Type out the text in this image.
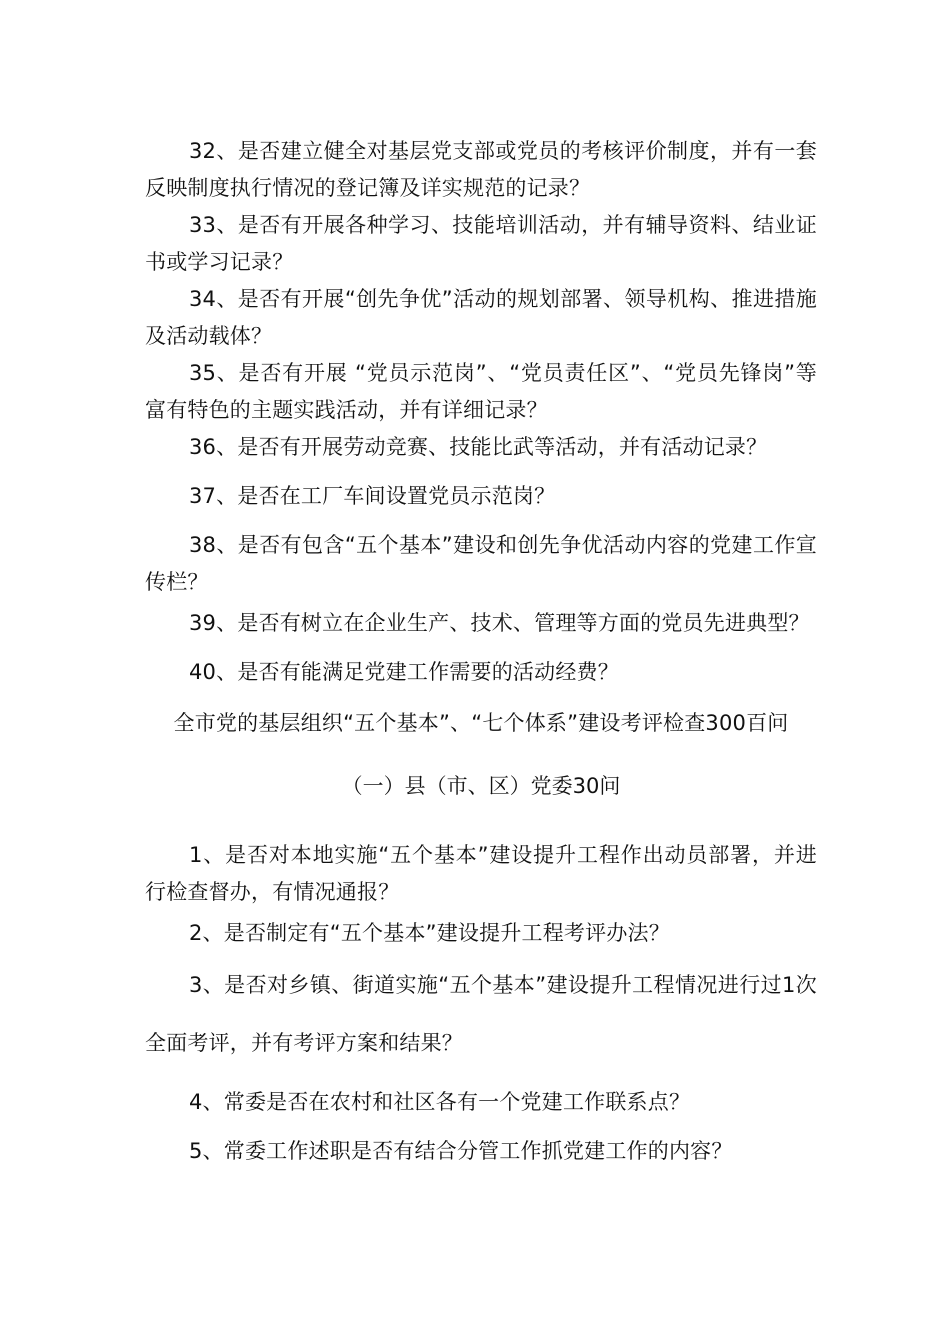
32、是否建立健全对基层党支部或党员的考核评价制度，并有一套反映制度执行情况的登记簿及详实规范的记录？

33、是否有开展各种学习、技能培训活动，并有辅导资料、结业证书或学习记录？

34、是否有开展“创先争优”活动的规划部署、领导机构、推进措施及活动载体？

35、是否有开展 “党员示范岗”、“党员责任区”、“党员先锋岗”等富有特色的主题实践活动，并有详细记录？

36、是否有开展劳动竞赛、技能比武等活动，并有活动记录？

37、是否在工厂车间设置党员示范岗？

38、是否有包含“五个基本”建设和创先争优活动内容的党建工作宣传栏？

39、是否有树立在企业生产、技术、管理等方面的党员先进典型？

40、是否有能满足党建工作需要的活动经费？

全市党的基层组织“五个基本”、“七个体系”建设考评检查300百问

（一）县（市、区）党委30问

1、是否对本地实施“五个基本”建设提升工程作出动员部署，并进行检查督办，有情况通报？

2、是否制定有“五个基本”建设提升工程考评办法？

3、是否对乡镇、街道实施“五个基本”建设提升工程情况进行过1次全面考评，并有考评方案和结果？

4、常委是否在农村和社区各有一个党建工作联系点？

5、常委工作述职是否有结合分管工作抓党建工作的内容？
